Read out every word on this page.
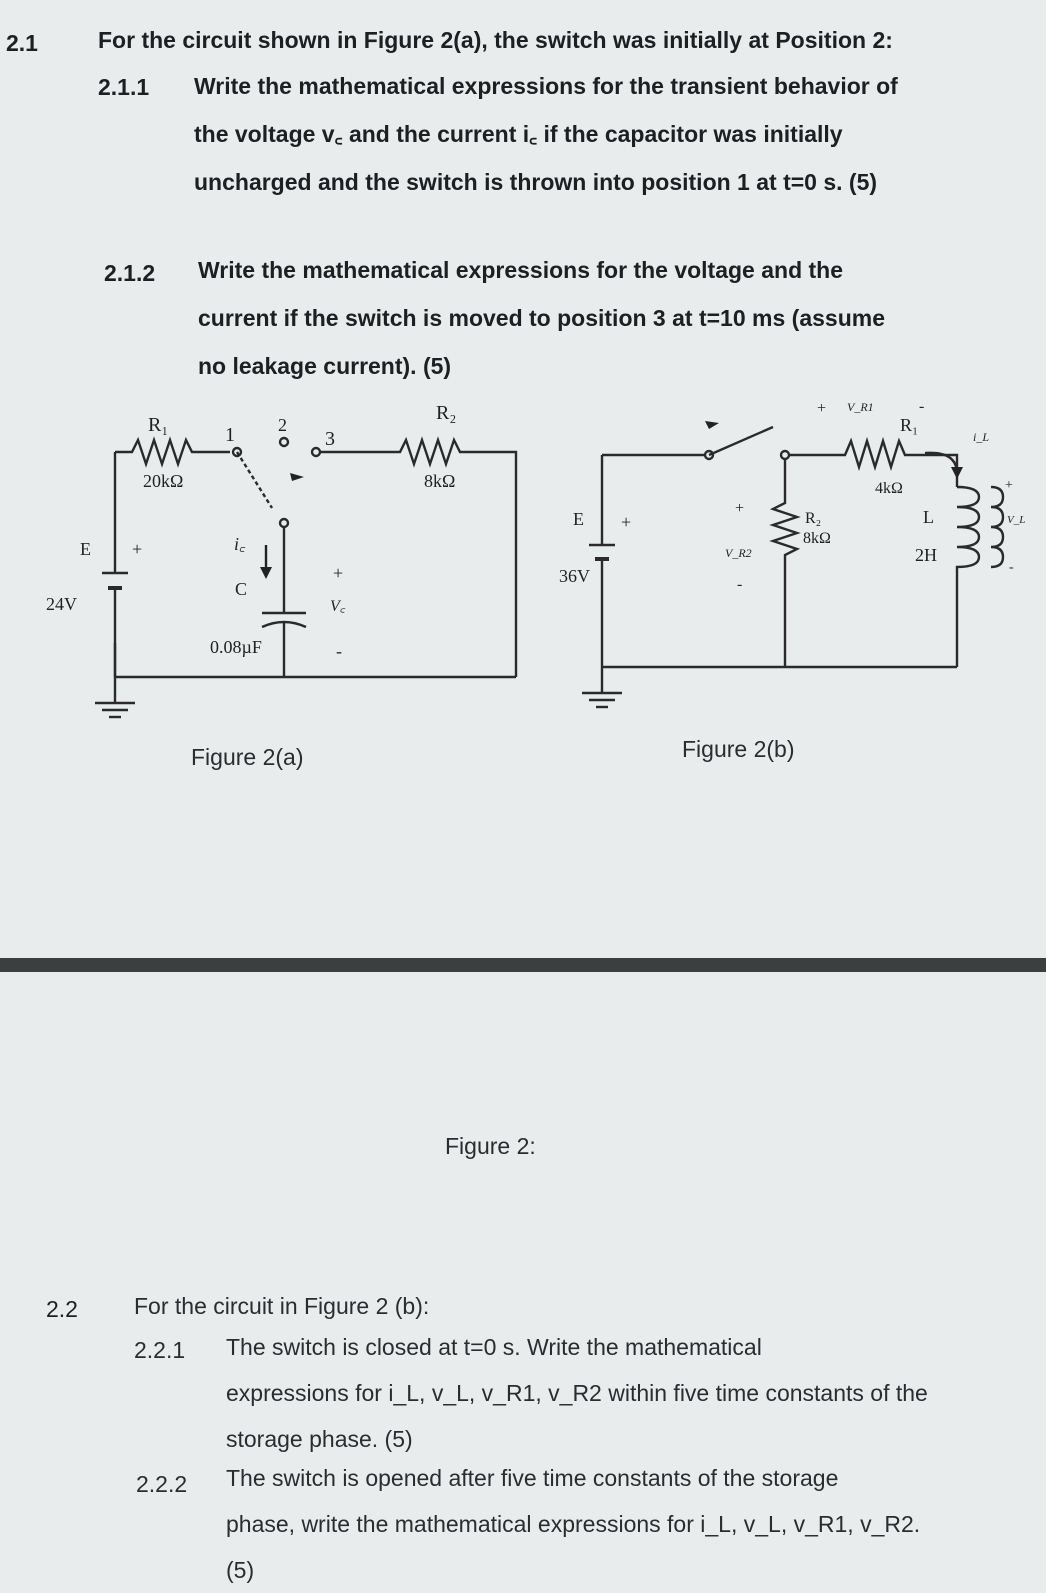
2.1	For the circuit shown in Figure 2(a), the switch was initially at Position 2:
2.1.1 Write the mathematical expressions for the transient behavior of
the voltage v꜀ and the current i꜀ if the capacitor was initially
uncharged and the switch is thrown into position 1 at t=0 s. (5)
2.1.2 Write the mathematical expressions for the voltage and the
current if the switch is moved to position 3 at t=10 ms (assume
no leakage current). (5)
R₁
20kΩ
R₂
8kΩ
1 2
3
E +
24V
i꜀
C
0.08µF
+
V꜀
-
Figure 2(a)
E +
36V
+ V_R1	-
R₁
4kΩ
+
V_R2
-
R₂
8kΩ
L
2H
i_L
+
V_L
-
Figure 2(b)
Figure 2:
2.2 For the circuit in Figure 2 (b):
2.2.1 The switch is closed at t=0 s. Write the mathematical
expressions for i_L, v_L, v_R1, v_R2 within five time constants of the
storage phase. (5)
2.2.2 The switch is opened after five time constants of the storage
phase, write the mathematical expressions for i_L, v_L, v_R1, v_R2. (5)
